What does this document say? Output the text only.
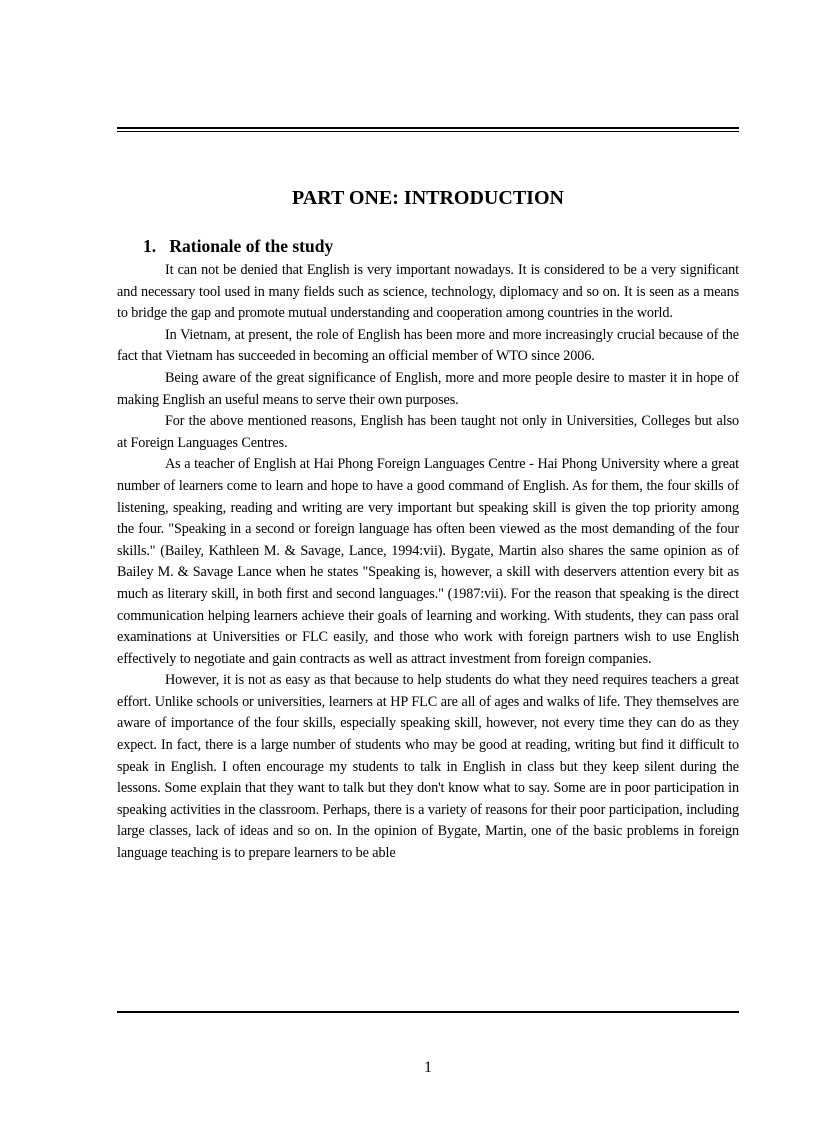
PART ONE: INTRODUCTION
1. Rationale of the study

It can not be denied that English is very important nowadays. It is considered to be a very significant and necessary tool used in many fields such as science, technology, diplomacy and so on. It is seen as a means to bridge the gap and promote mutual understanding and cooperation among countries in the world.

In Vietnam, at present, the role of English has been more and more increasingly crucial because of the fact that Vietnam has succeeded in becoming an official member of WTO since 2006.

Being aware of the great significance of English, more and more people desire to master it in hope of making English an useful means to serve their own purposes.

For the above mentioned reasons, English has been taught not only in Universities, Colleges but also at Foreign Languages Centres.

As a teacher of English at Hai Phong Foreign Languages Centre - Hai Phong University where a great number of learners come to learn and hope to have a good command of English. As for them, the four skills of listening, speaking, reading and writing are very important but speaking skill is given the top priority among the four. "Speaking in a second or foreign language has often been viewed as the most demanding of the four skills." (Bailey, Kathleen M. & Savage, Lance, 1994:vii). Bygate, Martin also shares the same opinion as of Bailey M. & Savage Lance when he states "Speaking is, however, a skill with deservers attention every bit as much as literary skill, in both first and second languages." (1987:vii). For the reason that speaking is the direct communication helping learners achieve their goals of learning and working. With students, they can pass oral examinations at Universities or FLC easily, and those who work with foreign partners wish to use English effectively to negotiate and gain contracts as well as attract investment from foreign companies.

However, it is not as easy as that because to help students do what they need requires teachers a great effort. Unlike schools or universities, learners at HP FLC are all of ages and walks of life. They themselves are aware of importance of the four skills, especially speaking skill, however, not every time they can do as they expect. In fact, there is a large number of students who may be good at reading, writing but find it difficult to speak in English. I often encourage my students to talk in English in class but they keep silent during the lessons. Some explain that they want to talk but they don't know what to say. Some are in poor participation in speaking activities in the classroom. Perhaps, there is a variety of reasons for their poor participation, including large classes, lack of ideas and so on. In the opinion of Bygate, Martin, one of the basic problems in foreign language teaching is to prepare learners to be able

1
